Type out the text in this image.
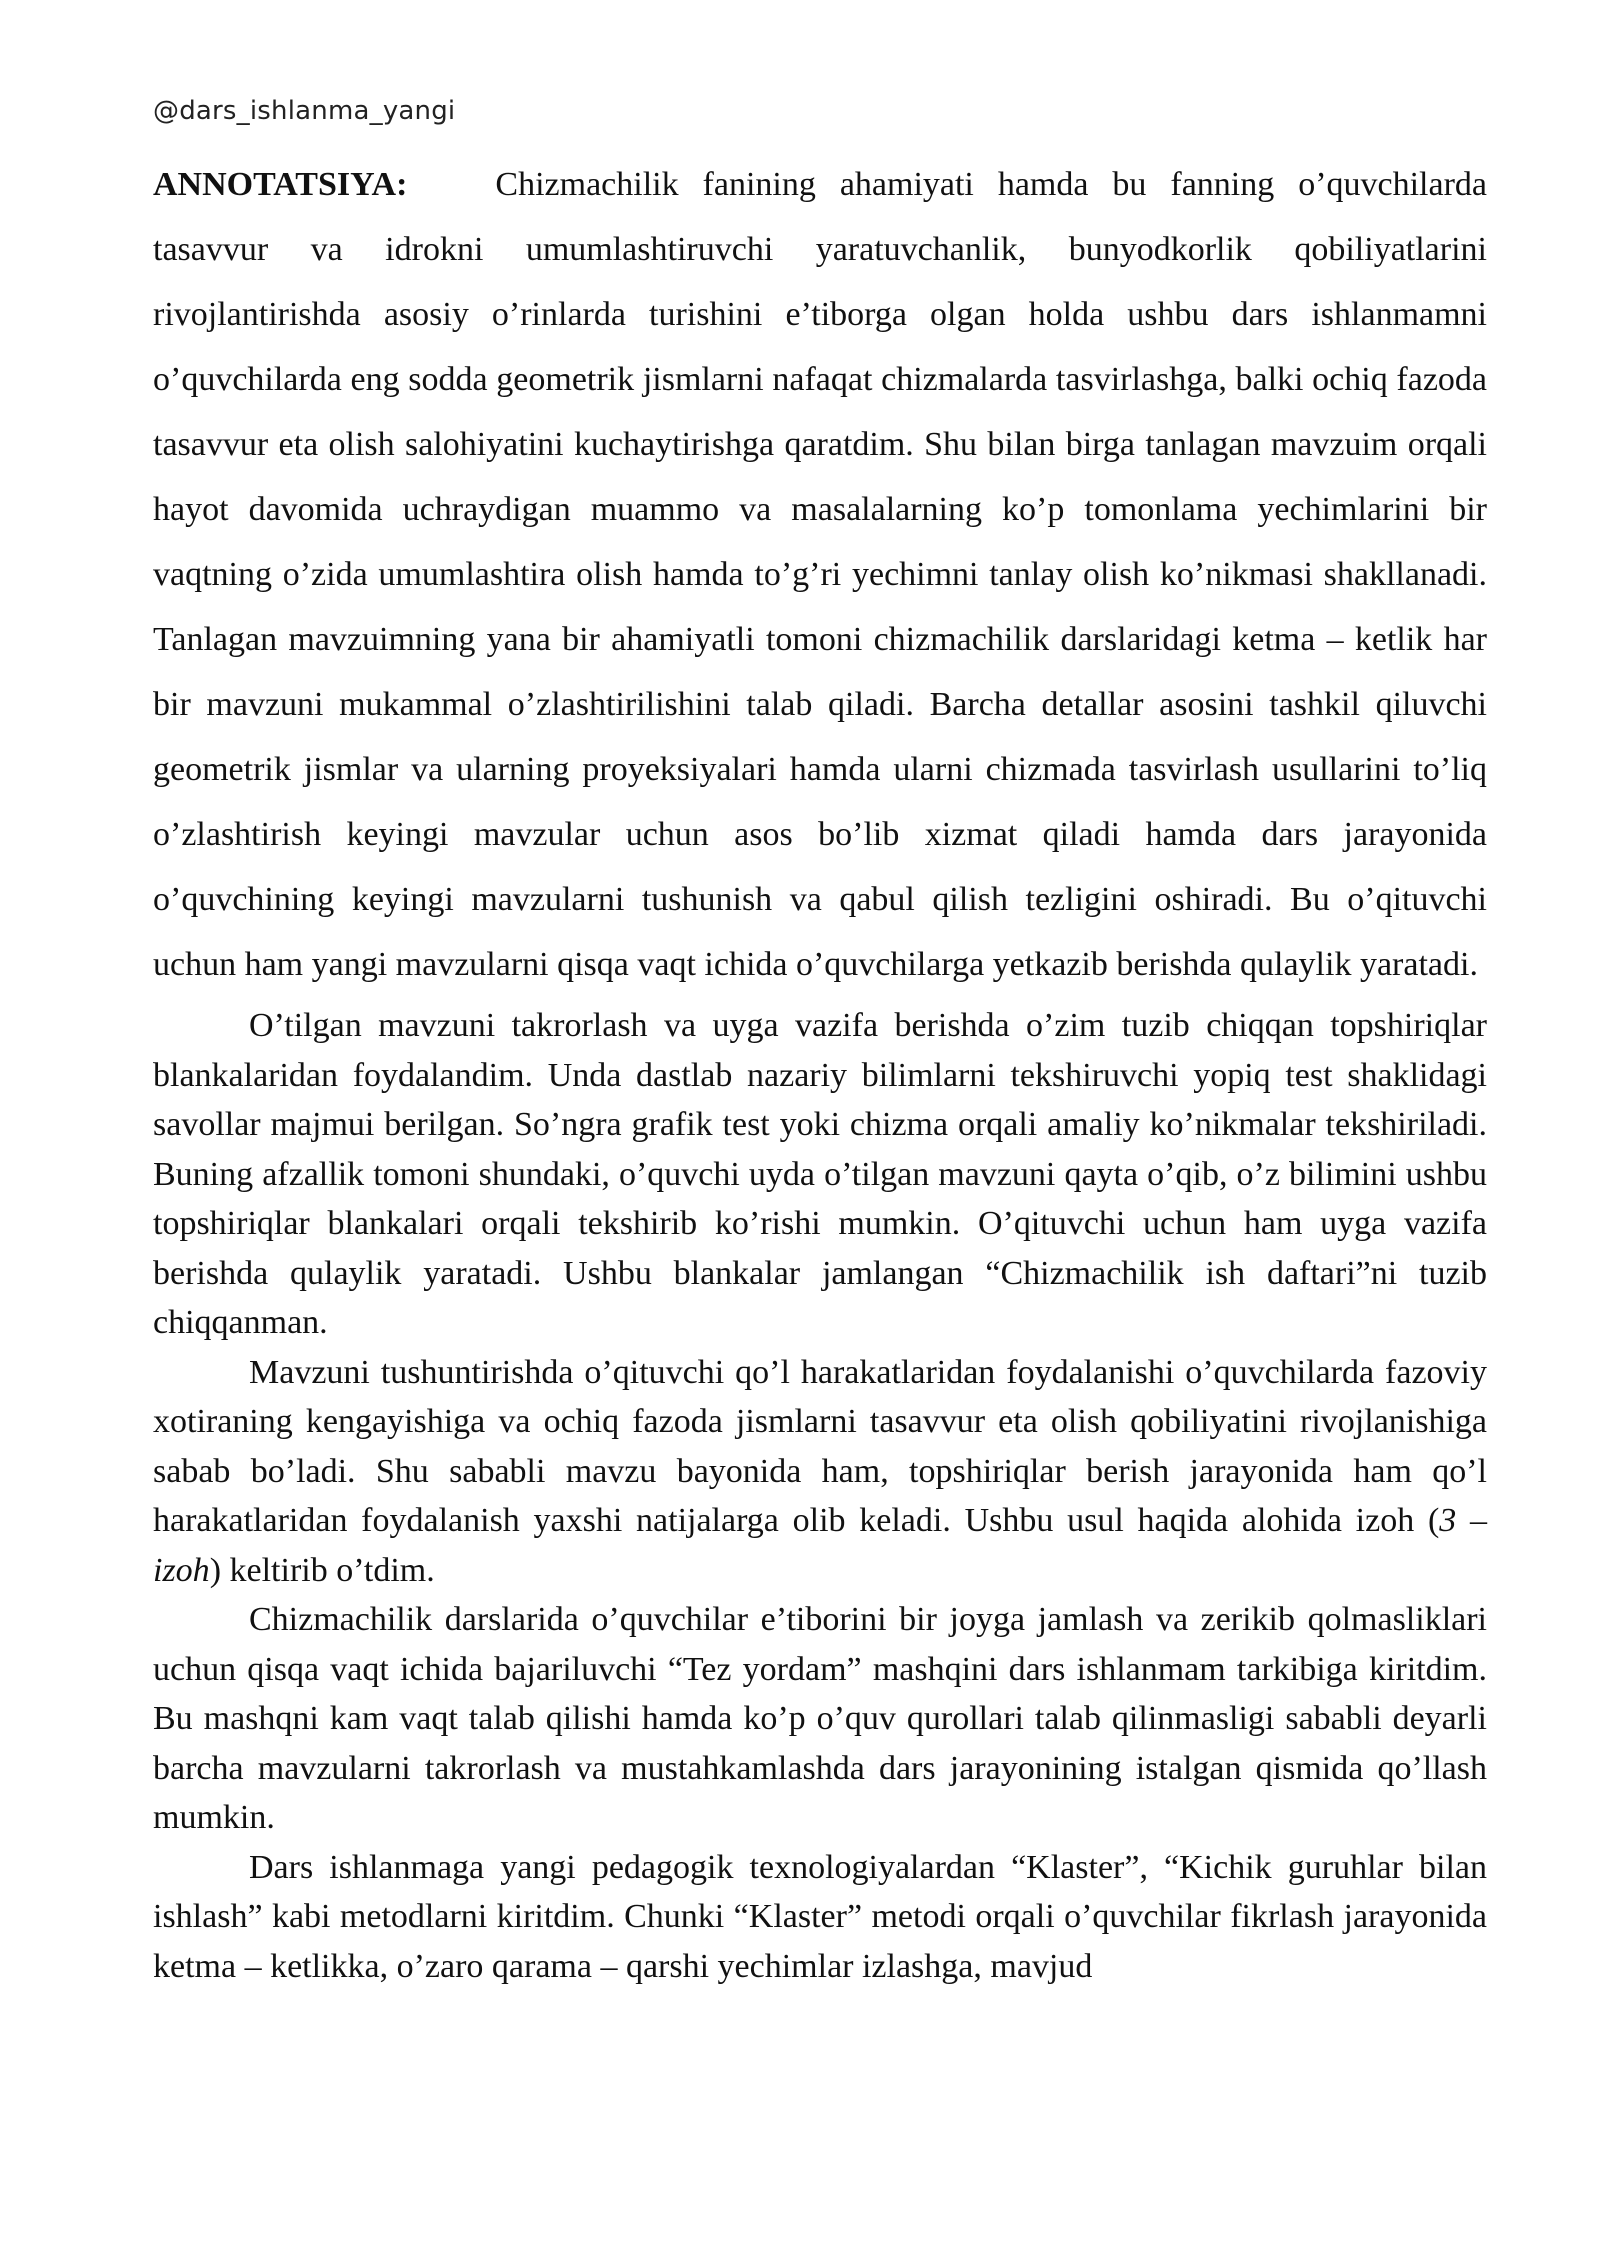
@dars_ishlanma_yangi

ANNOTATSIYA:	Chizmachilik fanining ahamiyati hamda bu fanning o’quvchilarda tasavvur va idrokni umumlashtiruvchi yaratuvchanlik, bunyodkorlik qobiliyatlarini rivojlantirishda asosiy o’rinlarda turishini e’tiborga olgan holda ushbu dars ishlanmamni o’quvchilarda eng sodda geometrik jismlarni nafaqat chizmalarda tasvirlashga, balki ochiq fazoda tasavvur eta olish salohiyatini kuchaytirishga qaratdim. Shu bilan birga tanlagan mavzuim orqali hayot davomida uchraydigan muammo va masalalarning ko’p tomonlama yechimlarini bir vaqtning o’zida umumlashtira olish hamda to’g’ri yechimni tanlay olish ko’nikmasi shakllanadi. Tanlagan mavzuimning yana bir ahamiyatli tomoni chizmachilik darslaridagi ketma – ketlik har bir mavzuni mukammal o’zlashtirilishini talab qiladi. Barcha detallar asosini tashkil qiluvchi geometrik jismlar va ularning proyeksiyalari hamda ularni chizmada tasvirlash usullarini to’liq o’zlashtirish keyingi mavzular uchun asos bo’lib xizmat qiladi hamda dars jarayonida o’quvchining keyingi mavzularni tushunish va qabul qilish tezligini oshiradi. Bu o’qituvchi uchun ham yangi mavzularni qisqa vaqt ichida o’quvchilarga yetkazib berishda qulaylik yaratadi.

O’tilgan mavzuni takrorlash va uyga vazifa berishda o’zim tuzib chiqqan topshiriqlar blankalaridan foydalandim. Unda dastlab nazariy bilimlarni tekshiruvchi yopiq test shaklidagi savollar majmui berilgan. So’ngra grafik test yoki chizma orqali amaliy ko’nikmalar tekshiriladi. Buning afzallik tomoni shundaki, o’quvchi uyda o’tilgan mavzuni qayta o’qib, o’z bilimini ushbu topshiriqlar blankalari orqali tekshirib ko’rishi mumkin. O’qituvchi uchun ham uyga vazifa berishda qulaylik yaratadi. Ushbu blankalar jamlangan “Chizmachilik ish daftari”ni tuzib chiqqanman.

Mavzuni tushuntirishda o’qituvchi qo’l harakatlaridan foydalanishi o’quvchilarda fazoviy xotiraning kengayishiga va ochiq fazoda jismlarni tasavvur eta olish qobiliyatini rivojlanishiga sabab bo’ladi. Shu sababli mavzu bayonida ham, topshiriqlar berish jarayonida ham qo’l harakatlaridan foydalanish yaxshi natijalarga olib keladi. Ushbu usul haqida alohida izoh (3 – izoh) keltirib o’tdim.

Chizmachilik darslarida o’quvchilar e’tiborini bir joyga jamlash va zerikib qolmasliklari uchun qisqa vaqt ichida bajariluvchi “Tez yordam” mashqini dars ishlanmam tarkibiga kiritdim. Bu mashqni kam vaqt talab qilishi hamda ko’p o’quv qurollari talab qilinmasligi sababli deyarli barcha mavzularni takrorlash va mustahkamlashda dars jarayonining istalgan qismida qo’llash mumkin.

Dars ishlanmaga yangi pedagogik texnologiyalardan “Klaster”, “Kichik guruhlar bilan ishlash” kabi metodlarni kiritdim. Chunki “Klaster” metodi orqali o’quvchilar fikrlash jarayonida ketma – ketlikka, o’zaro qarama – qarshi yechimlar izlashga, mavjud
